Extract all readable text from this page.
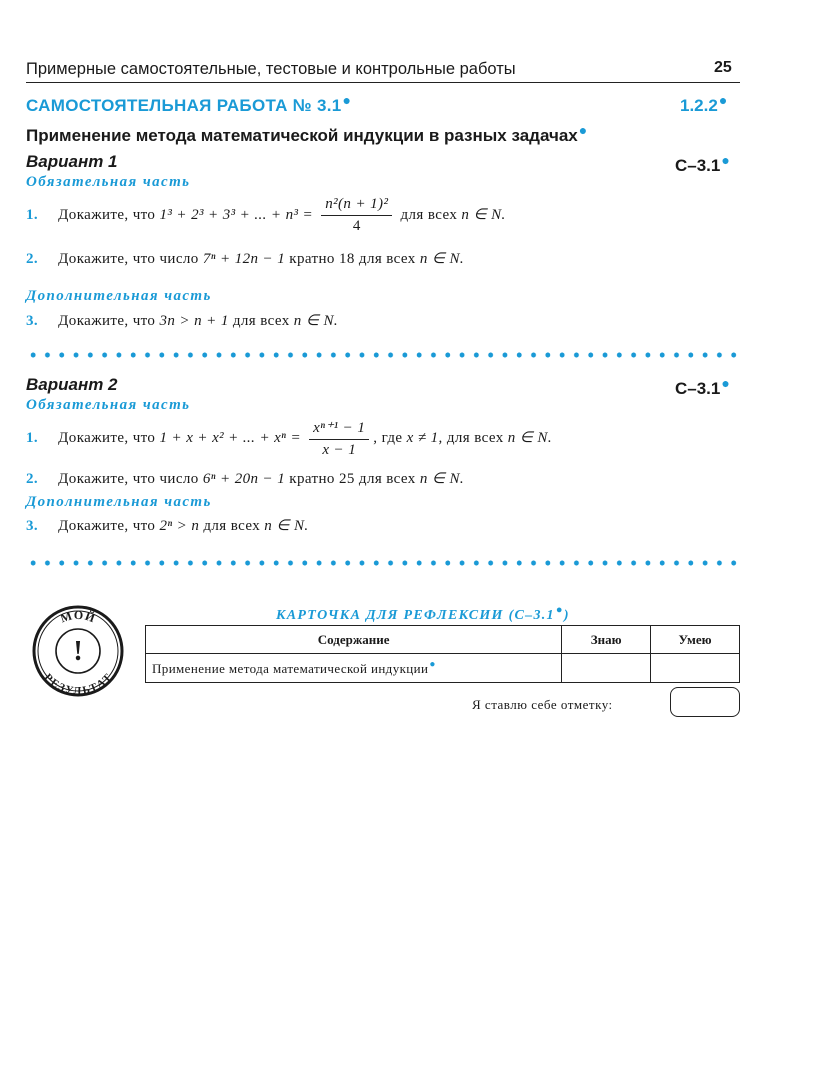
Примерные самостоятельные, тестовые и контрольные работы	25
САМОСТОЯТЕЛЬНАЯ РАБОТА № 3.1●	1.2.2●
Применение метода математической индукции в разных задачах●
Вариант 1	С–3.1●
Обязательная часть
1. Докажите, что 1³ + 2³ + 3³ + ... + $n^3 = \frac{\text{n²(n + 1)²}}{4}$ для всех n ∈ N.
2. Докажите, что число 7ⁿ + 12n − 1 кратно 18 для всех n ∈ N.
Дополнительная часть
3. Докажите, что 3n > n + 1 для всех n ∈ N.
Вариант 2	С–3.1●
Обязательная часть
1. Докажите, что 1 + x + x² + ... + $x^n = \frac{\text{xⁿ⁺¹ − 1}}{x - 1}$ , где x ≠ 1, для всех n ∈ N.
2. Докажите, что число 6ⁿ + 20n − 1 кратно 25 для всех n ∈ N.
Дополнительная часть
3. Докажите, что 2ⁿ > n для всех n ∈ N.
МОЙ
РЕЗУЛЬТАТ
!
КАРТОЧКА ДЛЯ РЕФЛЕКСИИ (С–3.1●)
Содержание	Знаю	Умею
Применение метода математической индукции●		
Я ставлю себе отметку:
